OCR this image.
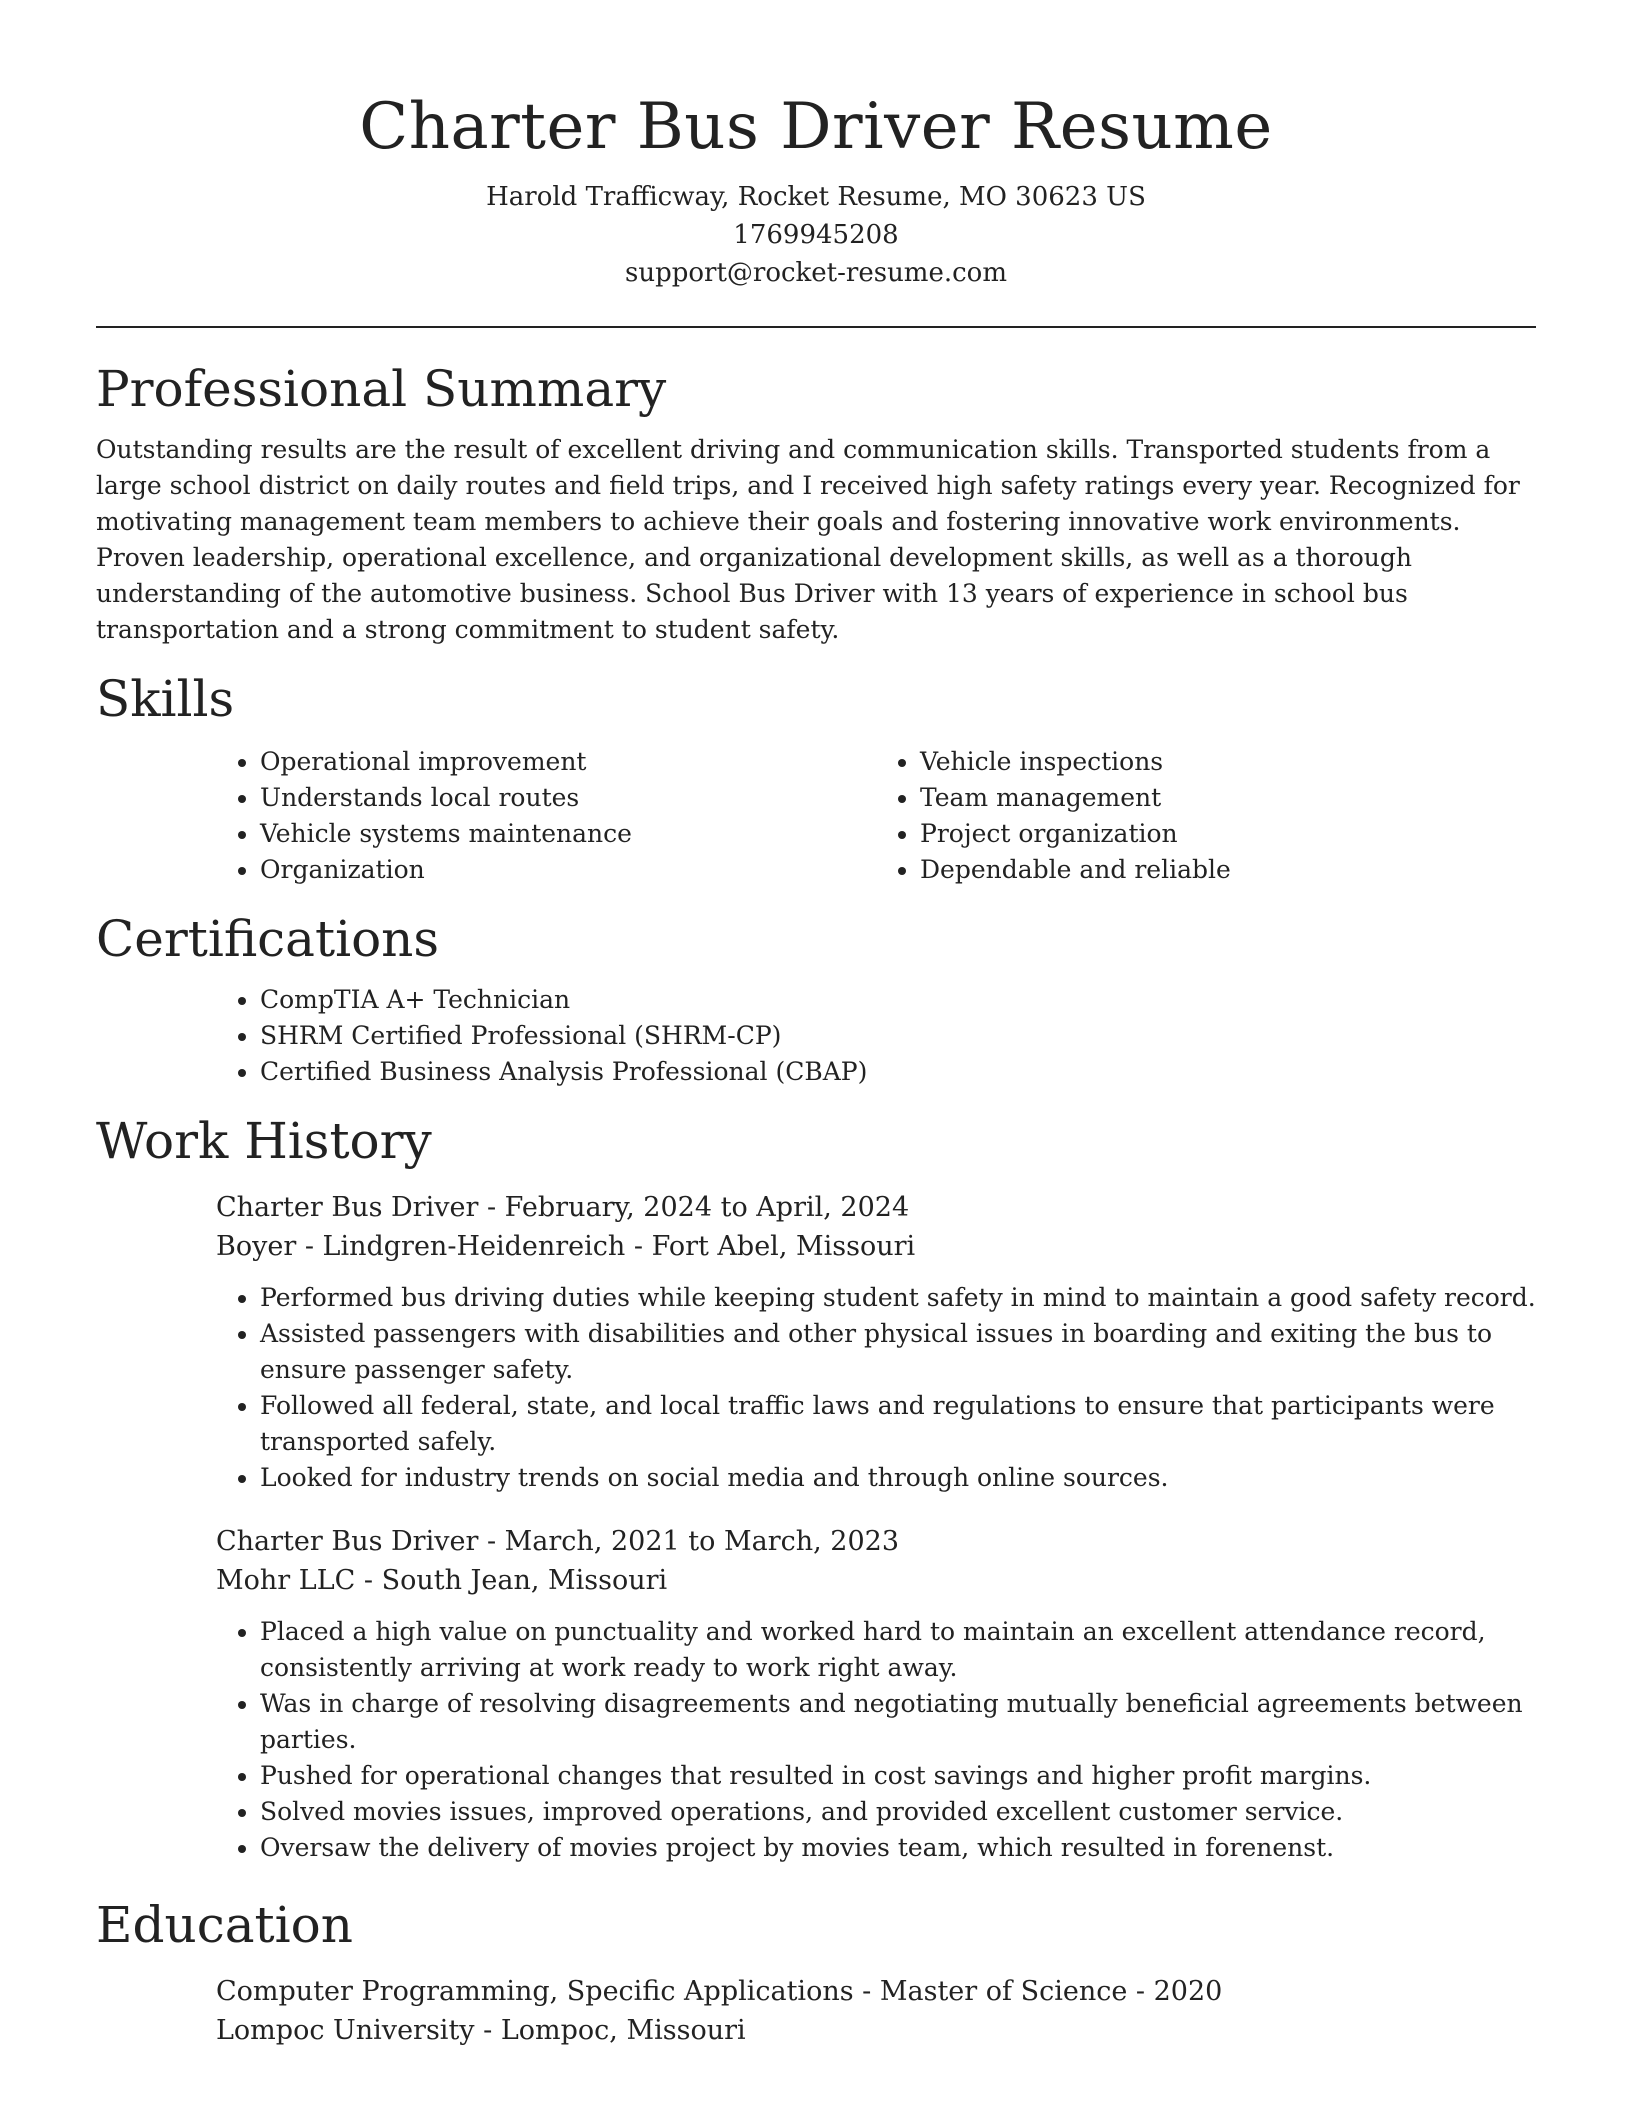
Charter Bus Driver Resume
Harold Trafficway, Rocket Resume, MO 30623 US
1769945208
support@rocket-resume.com
Professional Summary

Outstanding results are the result of excellent driving and communication skills. Transported students from a large school district on daily routes and field trips, and I received high safety ratings every year. Recognized for motivating management team members to achieve their goals and fostering innovative work environments. Proven leadership, operational excellence, and organizational development skills, as well as a thorough understanding of the automotive business. School Bus Driver with 13 years of experience in school bus transportation and a strong commitment to student safety.

Skills
• Operational improvement
• Understands local routes
• Vehicle systems maintenance
• Organization
• Vehicle inspections
• Team management
• Project organization
• Dependable and reliable
Certifications
• CompTIA A+ Technician
• SHRM Certified Professional (SHRM-CP)
• Certified Business Analysis Professional (CBAP)
Work History
Charter Bus Driver - February, 2024 to April, 2024
Boyer - Lindgren-Heidenreich - Fort Abel, Missouri
• Performed bus driving duties while keeping student safety in mind to maintain a good safety record.
• Assisted passengers with disabilities and other physical issues in boarding and exiting the bus to ensure passenger safety.
• Followed all federal, state, and local traffic laws and regulations to ensure that participants were transported safely.
• Looked for industry trends on social media and through online sources.
Charter Bus Driver - March, 2021 to March, 2023
Mohr LLC - South Jean, Missouri
• Placed a high value on punctuality and worked hard to maintain an excellent attendance record, consistently arriving at work ready to work right away.
• Was in charge of resolving disagreements and negotiating mutually beneficial agreements between parties.
• Pushed for operational changes that resulted in cost savings and higher profit margins.
• Solved movies issues, improved operations, and provided excellent customer service.
• Oversaw the delivery of movies project by movies team, which resulted in forenenst.
Education
Computer Programming, Specific Applications - Master of Science - 2020
Lompoc University - Lompoc, Missouri
